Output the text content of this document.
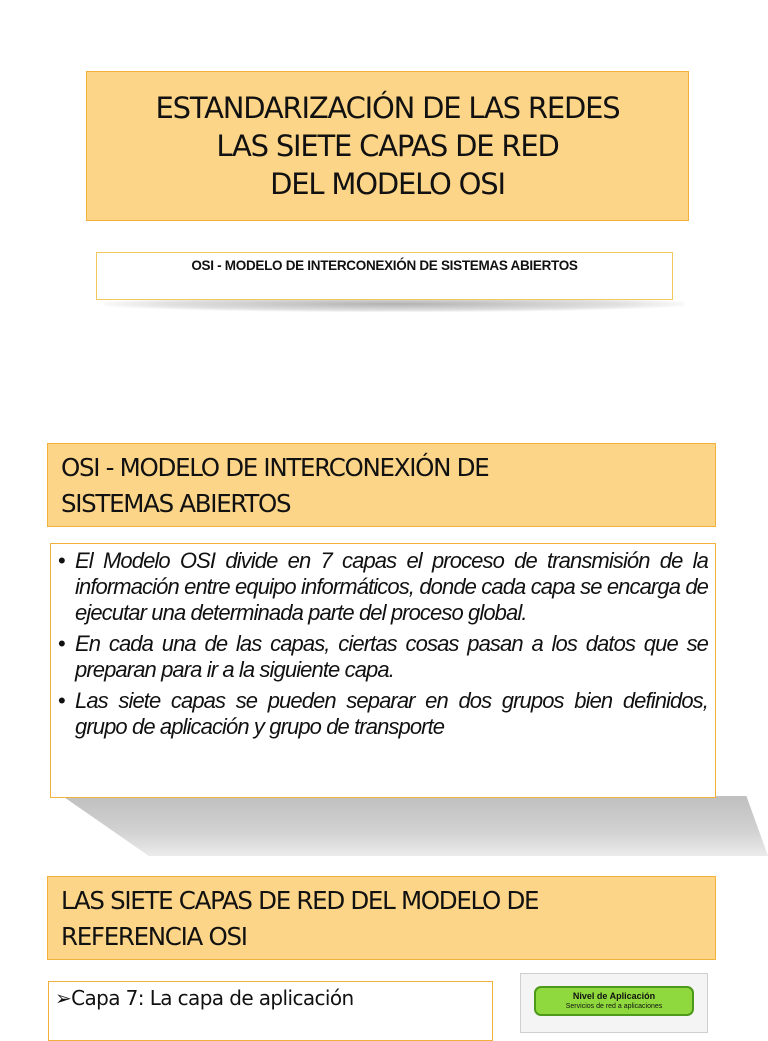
ESTANDARIZACIÓN DE LAS REDES
LAS SIETE CAPAS DE RED
DEL MODELO OSI
OSI - MODELO DE INTERCONEXIÓN DE SISTEMAS ABIERTOS
OSI - MODELO DE INTERCONEXIÓN DE
SISTEMAS ABIERTOS
• El Modelo OSI divide en 7 capas el proceso de transmisión de la información entre equipo informáticos, donde cada capa se encarga de ejecutar una determinada parte del proceso global.
• En cada una de las capas, ciertas cosas pasan a los datos que se preparan para ir a la siguiente capa.
• Las siete capas se pueden separar en dos grupos bien definidos, grupo de aplicación y grupo de transporte
LAS SIETE CAPAS DE RED DEL MODELO DE
REFERENCIA OSI
➢Capa 7: La capa de aplicación	Nivel de Aplicación
Servicios de red a aplicaciones
